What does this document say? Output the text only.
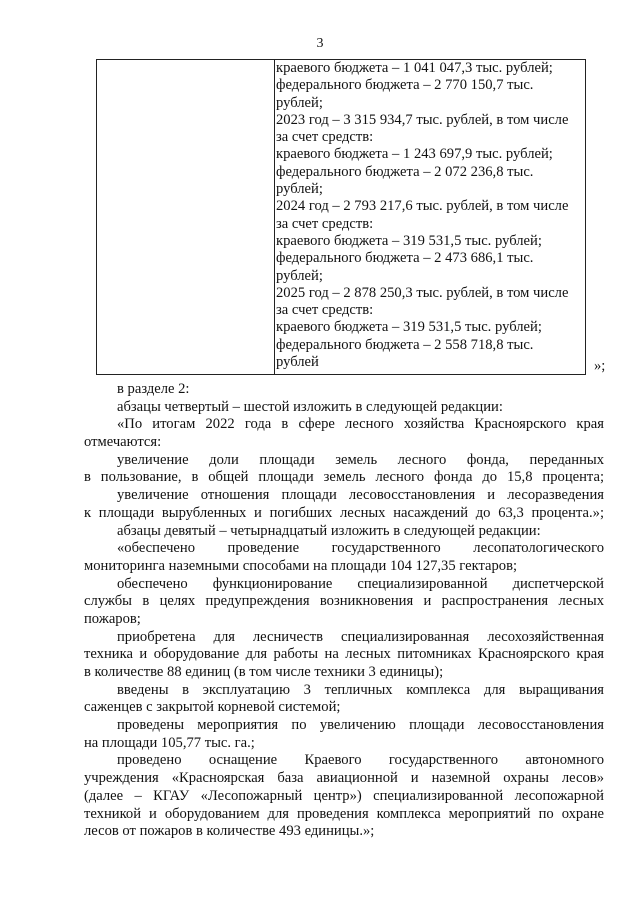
3
краевого бюджета – 1 041 047,3 тыс. рублей;
федерального бюджета – 2 770 150,7 тыс.
рублей;
2023 год – 3 315 934,7 тыс. рублей, в том числе
за счет средств:
краевого бюджета – 1 243 697,9 тыс. рублей;
федерального бюджета – 2 072 236,8 тыс.
рублей;
2024 год – 2 793 217,6 тыс. рублей, в том числе
за счет средств:
краевого бюджета – 319 531,5 тыс. рублей;
федерального бюджета – 2 473 686,1 тыс.
рублей;
2025 год – 2 878 250,3 тыс. рублей, в том числе
за счет средств:
краевого бюджета – 319 531,5 тыс. рублей;
федерального бюджета – 2 558 718,8 тыс.
рублей	»;
в разделе 2:
абзацы четвертый – шестой изложить в следующей редакции:
«По итогам 2022 года в сфере лесного хозяйства Красноярского края
отмечаются:
увеличение доли площади земель лесного фонда, переданных
в пользование, в общей площади земель лесного фонда до 15,8 процента;
увеличение отношения площади лесовосстановления и лесоразведения
к площади вырубленных и погибших лесных насаждений до 63,3 процента.»;
абзацы девятый – четырнадцатый изложить в следующей редакции:
«обеспечено проведение государственного лесопатологического
мониторинга наземными способами на площади 104 127,35 гектаров;
обеспечено функционирование специализированной диспетчерской
службы в целях предупреждения возникновения и распространения лесных
пожаров;
приобретена для лесничеств специализированная лесохозяйственная
техника и оборудование для работы на лесных питомниках Красноярского края
в количестве 88 единиц (в том числе техники 3 единицы);
введены в эксплуатацию 3 тепличных комплекса для выращивания
саженцев с закрытой корневой системой;
проведены мероприятия по увеличению площади лесовосстановления
на площади 105,77 тыс. га.;
проведено оснащение Краевого государственного автономного
учреждения «Красноярская база авиационной и наземной охраны лесов»
(далее – КГАУ «Лесопожарный центр») специализированной лесопожарной
техникой и оборудованием для проведения комплекса мероприятий по охране
лесов от пожаров в количестве 493 единицы.»;
